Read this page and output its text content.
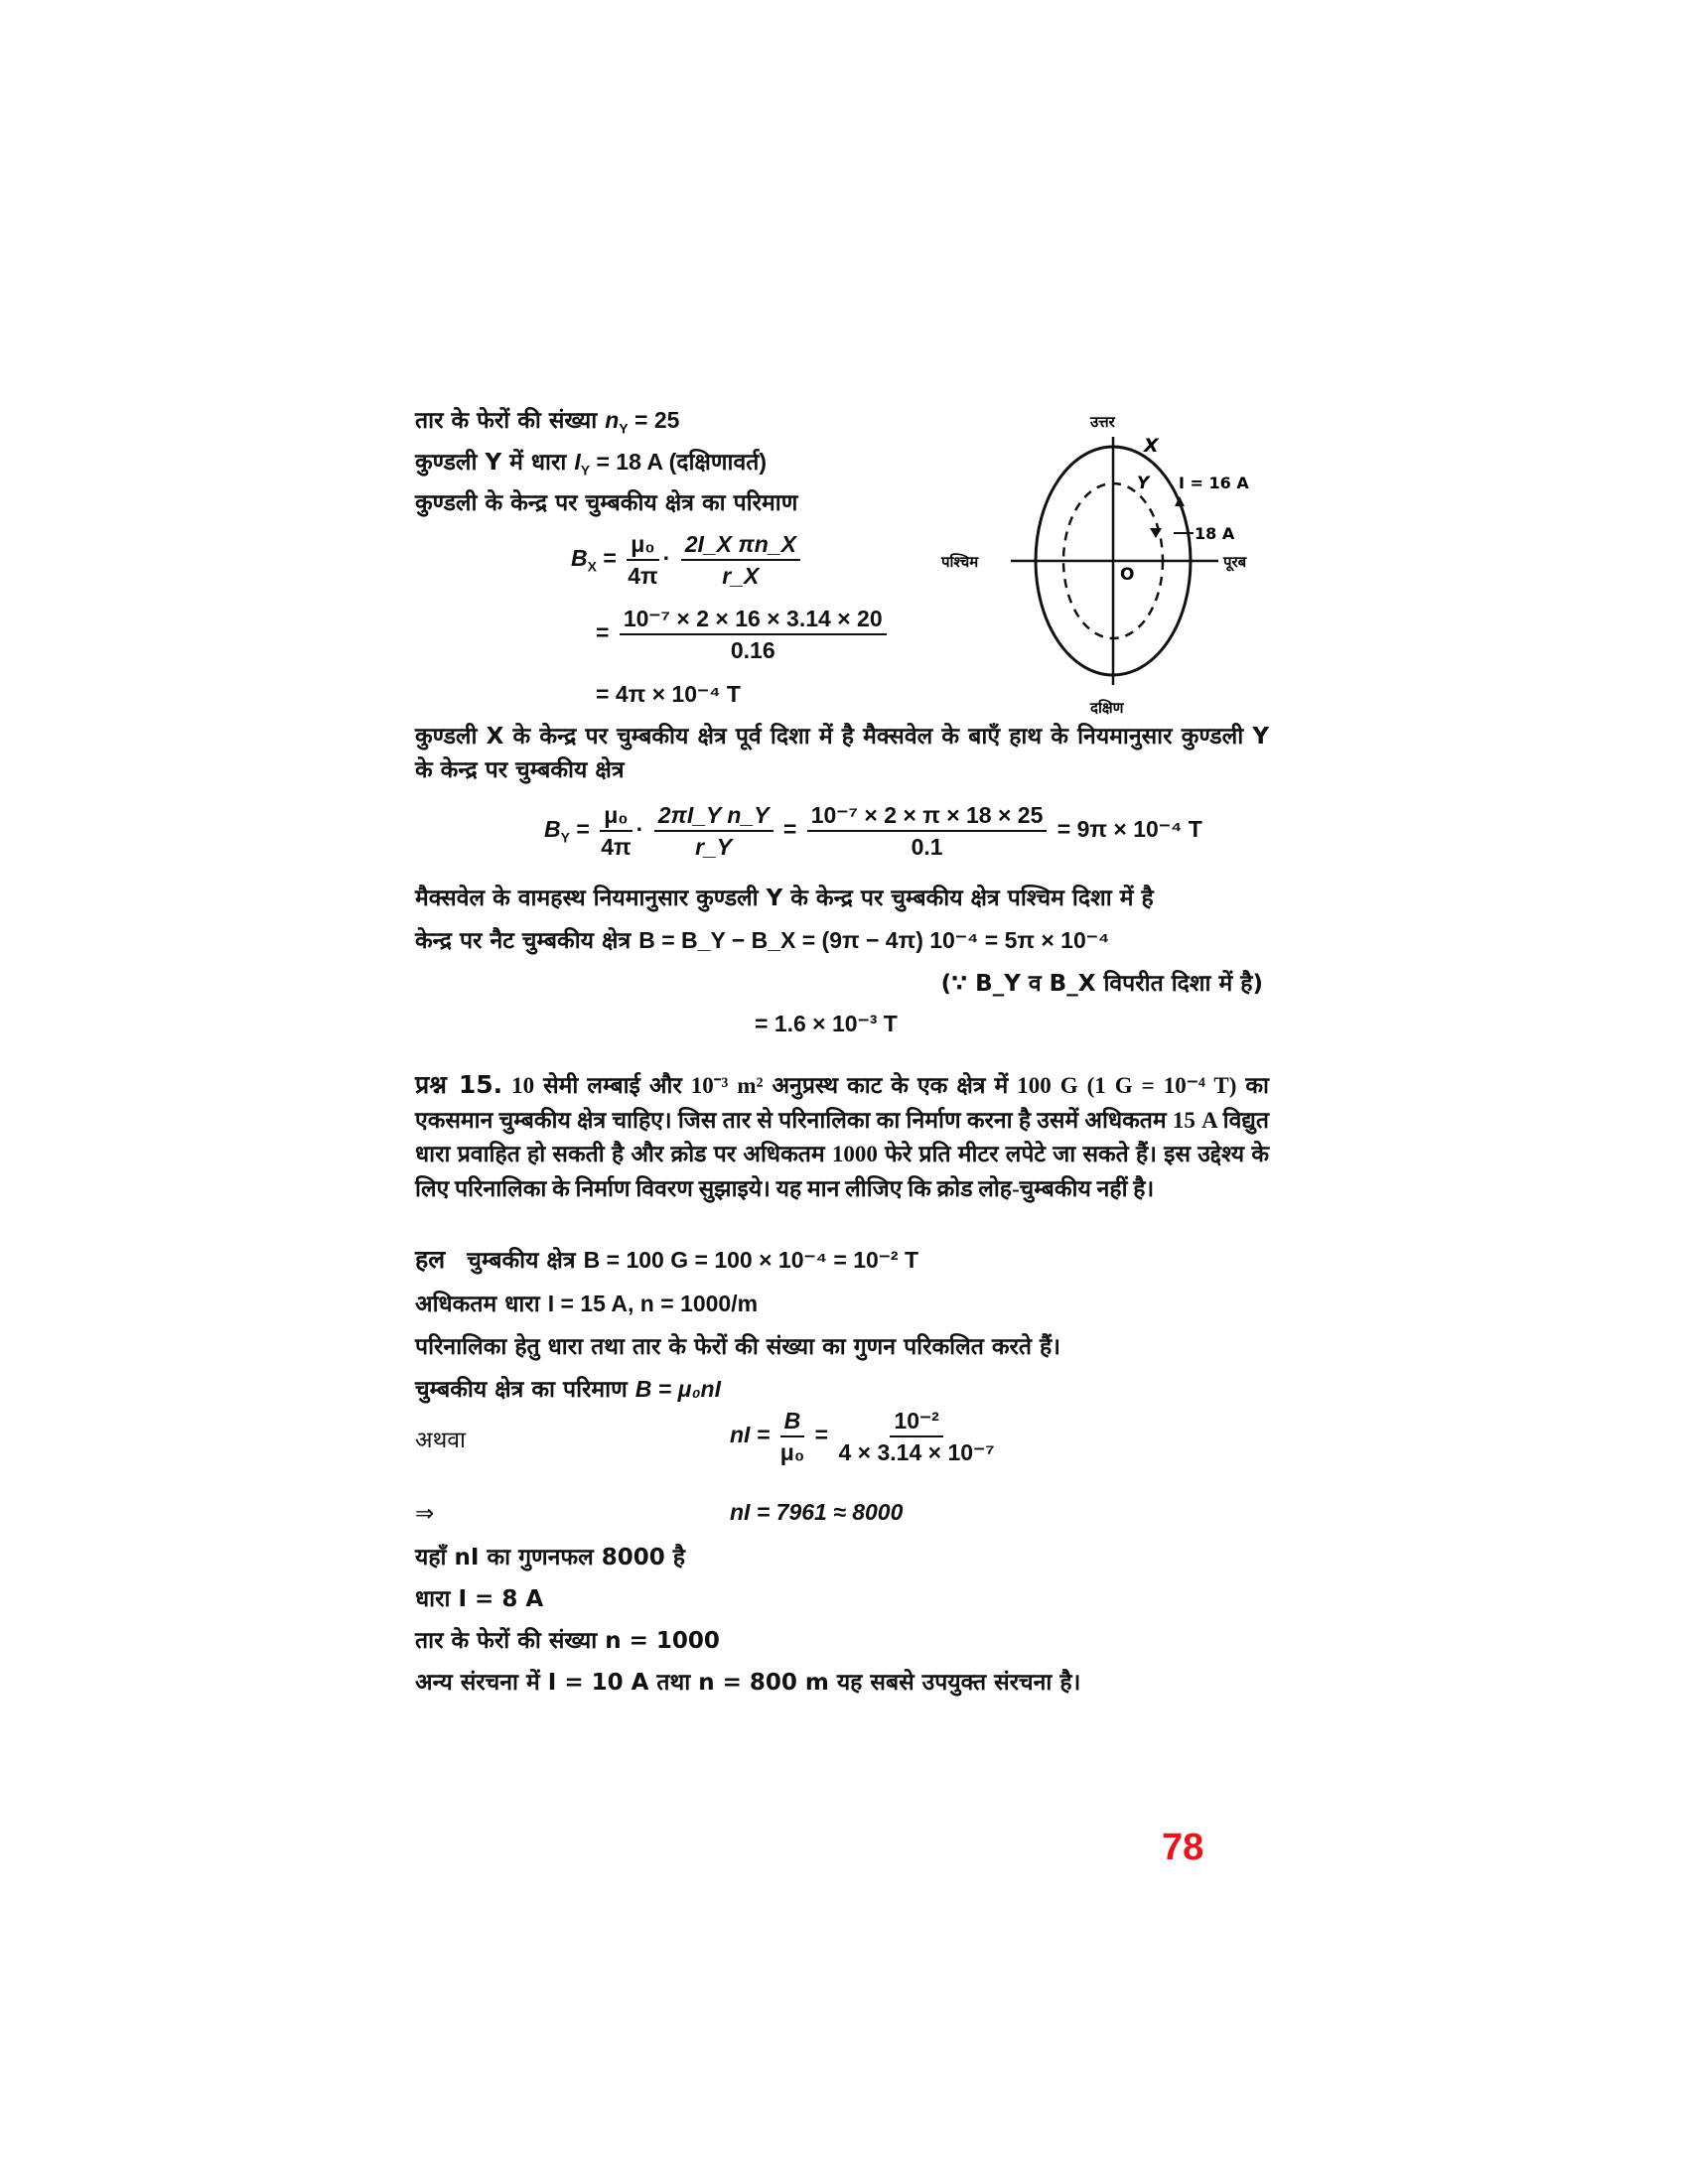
तार के फेरों की संख्या $n_Y = 25$
कुण्डली Y में धारा $I_Y = 18$ A (दक्षिणावर्त)
कुण्डली के केन्द्र पर चुम्बकीय क्षेत्र का परिमाण
$B_X = \frac{\text{μ₀}}{4\pi} \cdot \frac{\text{2I\_X πn\_X}}{r\_X}$
= $\frac{\text{10⁻⁷ × 2 × 16 × 3.14 × 20}}{0.16}$
= 4π × 10⁻⁴ T
उत्तर
दक्षिण
पश्चिम	पूरब
X
Y
O
I = 16 A
18 A
कुण्डली X के केन्द्र पर चुम्बकीय क्षेत्र पूर्व दिशा में है मैक्सवेल के बाएँ हाथ के नियमानुसार कुण्डली Y के केन्द्र पर चुम्बकीय क्षेत्र
$B_Y = \frac{\text{μ₀}}{4\pi} \cdot \frac{\text{2πI\_Y n\_Y}}{r\_Y} = \frac{\text{10⁻⁷ × 2 × π × 18 × 25}}{0.1} = 9\pi \times 10^{-4}$ T
मैक्सवेल के वामहस्थ नियमानुसार कुण्डली Y के केन्द्र पर चुम्बकीय क्षेत्र पश्चिम दिशा में है
केन्द्र पर नैट चुम्बकीय क्षेत्र B = B_Y − B_X = (9π − 4π) 10⁻⁴ = 5π × 10⁻⁴
(∵ B_Y व B_X विपरीत दिशा में है)
= 1.6 × 10⁻³ T
प्रश्न 15. 10 सेमी लम्बाई और 10⁻³ m² अनुप्रस्थ काट के एक क्षेत्र में 100 G (1 G = 10⁻⁴ T) का एकसमान चुम्बकीय क्षेत्र चाहिए। जिस तार से परिनालिका का निर्माण करना है उसमें अधिकतम 15 A विद्युत धारा प्रवाहित हो सकती है और क्रोड पर अधिकतम 1000 फेरे प्रति मीटर लपेटे जा सकते हैं। इस उद्देश्य के लिए परिनालिका के निर्माण विवरण सुझाइये। यह मान लीजिए कि क्रोड लोह-चुम्बकीय नहीं है।
हल चुम्बकीय क्षेत्र B = 100 G = 100 × 10⁻⁴ = 10⁻² T
अधिकतम धारा I = 15 A, n = 1000/m
परिनालिका हेतु धारा तथा तार के फेरों की संख्या का गुणन परिकलित करते हैं।
चुम्बकीय क्षेत्र का परिमाण B = μ₀nI
अथवा	nI = $\frac{B}{\text{μ₀}} = \frac{\text{10⁻²}}{\text{4 × 3.14 × 10⁻⁷}}$
⇒	nI = 7961 ≈ 8000
यहाँ nI का गुणनफल 8000 है
धारा I = 8 A
तार के फेरों की संख्या n = 1000
अन्य संरचना में I = 10 A तथा n = 800 m यह सबसे उपयुक्त संरचना है।
78
